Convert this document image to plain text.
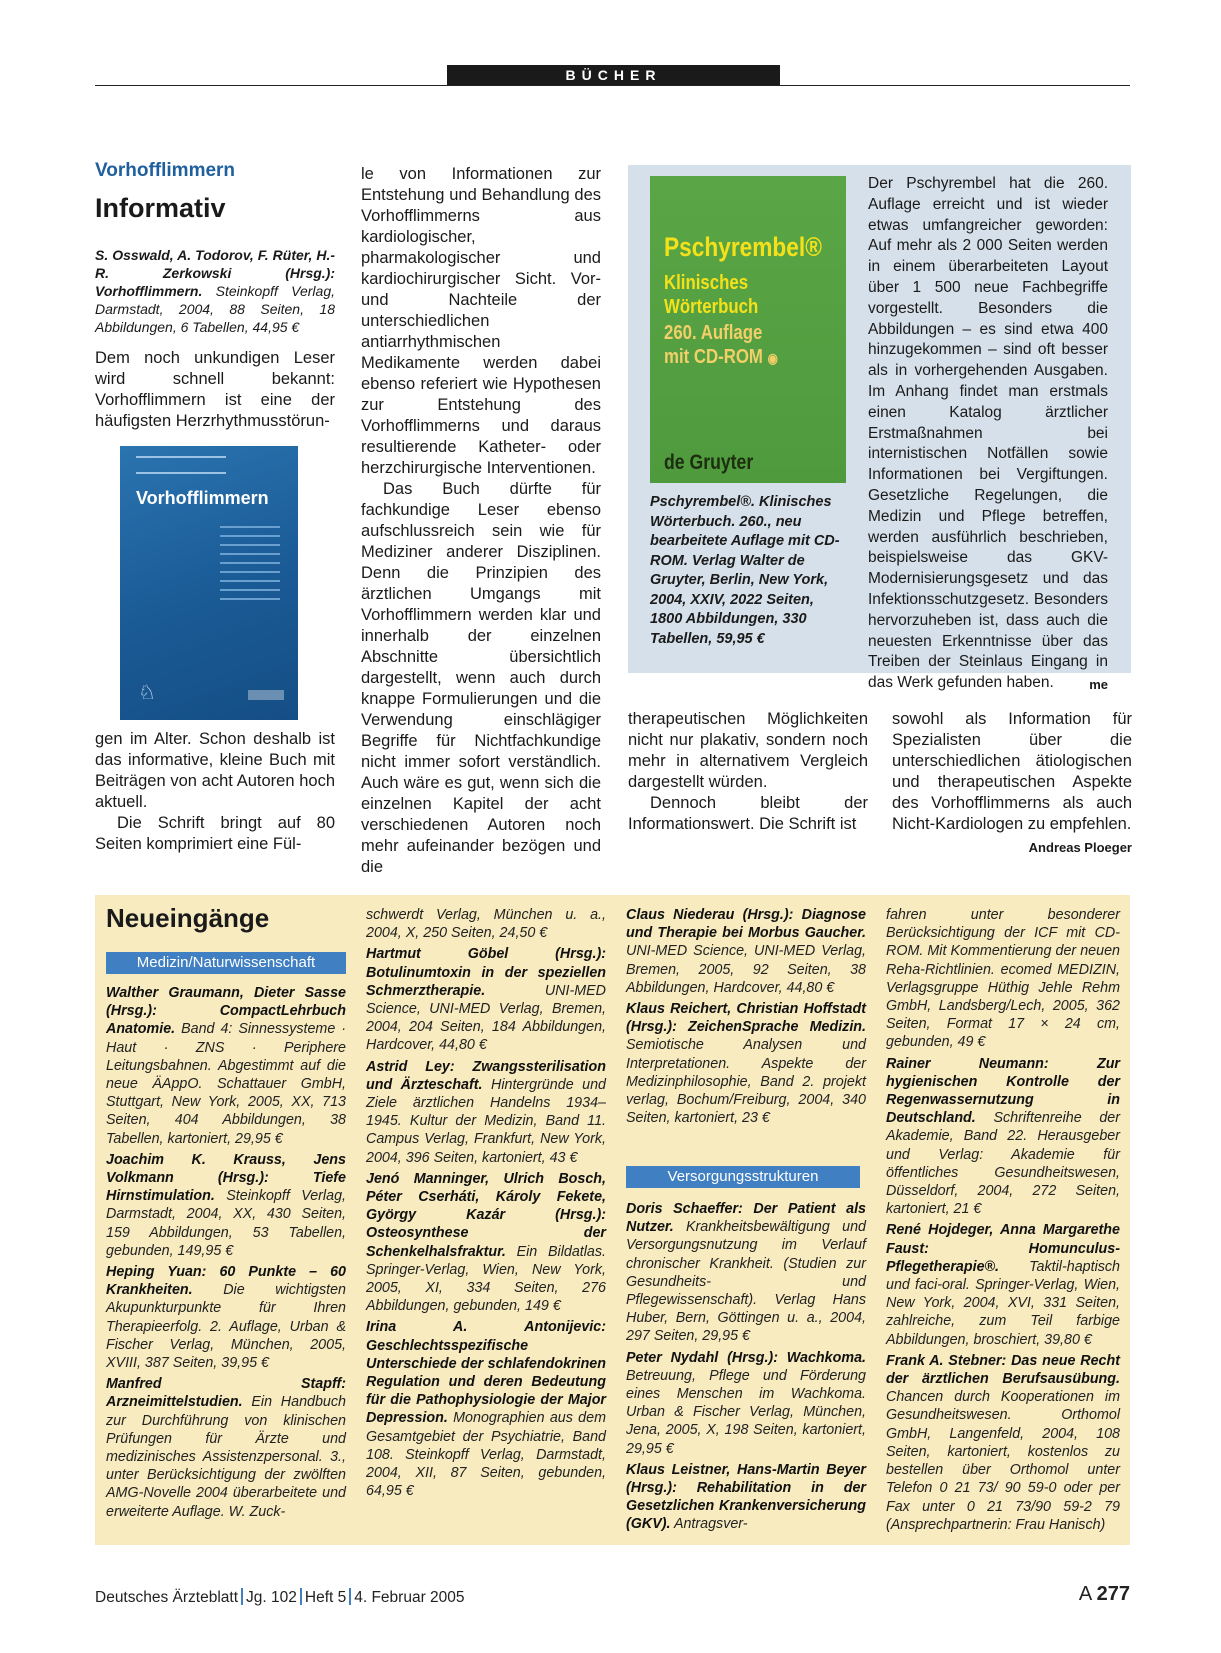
BÜCHER
Vorhofflimmern
Informativ

S. Osswald, A. Todorov, F. Rüter, H.-R. Zerkowski (Hrsg.): Vorhofflimmern. Steinkopff Verlag, Darmstadt, 2004, 88 Seiten, 18 Abbildungen, 6 Tabellen, 44,95 €

Dem noch unkundigen Leser wird schnell bekannt: Vorhofflimmern ist eine der häufigsten Herzrhythmusstörun-

Vorhofflimmern
♘

gen im Alter. Schon deshalb ist das informative, kleine Buch mit Beiträgen von acht Autoren hoch aktuell.

Die Schrift bringt auf 80 Seiten komprimiert eine Fül-

le von Informationen zur Entstehung und Behandlung des Vorhofflimmerns aus kardiologischer, pharmakologischer und kardiochirurgischer Sicht. Vor- und Nachteile der unterschiedlichen antiarrhythmischen Medikamente werden dabei ebenso referiert wie Hypothesen zur Entstehung des Vorhofflimmerns und daraus resultierende Katheter- oder herzchirurgische Interventionen.

Das Buch dürfte für fachkundige Leser ebenso aufschlussreich sein wie für Mediziner anderer Disziplinen. Denn die Prinzipien des ärztlichen Umgangs mit Vorhofflimmern werden klar und innerhalb der einzelnen Abschnitte übersichtlich dargestellt, wenn auch durch knappe Formulierungen und die Verwendung einschlägiger Begriffe für Nichtfachkundige nicht immer sofort verständlich. Auch wäre es gut, wenn sich die einzelnen Kapitel der acht verschiedenen Autoren noch mehr aufeinander bezögen und die

therapeutischen Möglichkeiten nicht nur plakativ, sondern noch mehr in alternativem Vergleich dargestellt würden.

Dennoch bleibt der Informationswert. Die Schrift ist

sowohl als Information für Spezialisten über die unterschiedlichen ätiologischen und therapeutischen Aspekte des Vorhofflimmerns als auch Nicht-Kardiologen zu empfehlen.
Andreas Ploeger

Pschyrembel®
Klinisches
Wörterbuch
260. Auflage
mit CD-ROM ◉
de Gruyter
Pschyrembel®. Klinisches Wörterbuch. 260., neu bearbeitete Auflage mit CD-ROM. Verlag Walter de Gruyter, Berlin, New York, 2004, XXIV, 2022 Seiten, 1800 Abbildungen, 330 Tabellen, 59,95 €
Der Pschyrembel hat die 260. Auflage erreicht und ist wieder etwas umfangreicher geworden: Auf mehr als 2 000 Seiten werden in einem überarbeiteten Layout über 1 500 neue Fachbegriffe vorgestellt. Besonders die Abbildungen – es sind etwa 400 hinzugekommen – sind oft besser als in vorhergehenden Ausgaben. Im Anhang findet man erstmals einen Katalog ärztlicher Erstmaßnahmen bei internistischen Notfällen sowie Informationen bei Vergiftungen. Gesetzliche Regelungen, die Medizin und Pflege betreffen, werden ausführlich beschrieben, beispielsweise das GKV-Modernisierungsgesetz und das Infektionsschutzgesetz. Besonders hervorzuheben ist, dass auch die neuesten Erkenntnisse über das Treiben der Steinlaus Eingang in das Werk gefunden haben.	me
Neueingänge
Medizin/Naturwissenschaft

Walther Graumann, Dieter Sasse (Hrsg.): CompactLehrbuch Anatomie. Band 4: Sinnessysteme · Haut · ZNS · Periphere Leitungsbahnen. Abgestimmt auf die neue ÄAppO. Schattauer GmbH, Stuttgart, New York, 2005, XX, 713 Seiten, 404 Abbildungen, 38 Tabellen, kartoniert, 29,95 €

Joachim K. Krauss, Jens Volkmann (Hrsg.): Tiefe Hirnstimulation. Steinkopff Verlag, Darmstadt, 2004, XX, 430 Seiten, 159 Abbildungen, 53 Tabellen, gebunden, 149,95 €

Heping Yuan: 60 Punkte – 60 Krankheiten. Die wichtigsten Akupunkturpunkte für Ihren Therapieerfolg. 2. Auflage, Urban & Fischer Verlag, München, 2005, XVIII, 387 Seiten, 39,95 €

Manfred Stapff: Arzneimittelstudien. Ein Handbuch zur Durchführung von klinischen Prüfungen für Ärzte und medizinisches Assistenzpersonal. 3., unter Berücksichtigung der zwölften AMG-Novelle 2004 überarbeitete und erweiterte Auflage. W. Zuck-

schwerdt Verlag, München u. a., 2004, X, 250 Seiten, 24,50 €

Hartmut Göbel (Hrsg.): Botulinumtoxin in der speziellen Schmerztherapie.	UNI-MED Science, UNI-MED Verlag, Bremen, 2004, 204 Seiten, 184 Abbildungen, Hardcover, 44,80 €

Astrid Ley: Zwangssterilisation und Ärzteschaft. Hintergründe und Ziele ärztlichen Handelns 1934–1945. Kultur der Medizin, Band 11. Campus Verlag, Frankfurt, New York, 2004, 396 Seiten, kartoniert, 43 €

Jenó Manninger, Ulrich Bosch, Péter Cserháti, Károly Fekete, György Kazár (Hrsg.): Osteosynthese der Schenkelhalsfraktur. Ein Bildatlas. Springer-Verlag, Wien, New York, 2005, XI, 334 Seiten, 276 Abbildungen, gebunden, 149 €

Irina A. Antonijevic: Geschlechtsspezifische Unterschiede der schlafendokrinen Regulation und deren Bedeutung für die Pathophysiologie der Major Depression. Monographien aus dem Gesamtgebiet der Psychiatrie, Band 108. Steinkopff Verlag, Darmstadt, 2004, XII, 87 Seiten, gebunden, 64,95 €

Claus Niederau (Hrsg.): Diagnose und Therapie bei Morbus Gaucher. UNI-MED Science, UNI-MED Verlag, Bremen, 2005, 92 Seiten, 38 Abbildungen, Hardcover, 44,80 €

Klaus Reichert, Christian Hoffstadt (Hrsg.): ZeichenSprache Medizin. Semiotische Analysen und Interpretationen. Aspekte der Medizinphilosophie, Band 2. projekt verlag, Bochum/Freiburg, 2004, 340 Seiten, kartoniert, 23 €

Versorgungsstrukturen

Doris Schaeffer: Der Patient als Nutzer. Krankheitsbewältigung und Versorgungsnutzung im Verlauf chronischer Krankheit. (Studien zur Gesundheits- und Pflegewissenschaft). Verlag Hans Huber, Bern, Göttingen u. a., 2004, 297 Seiten, 29,95 €

Peter Nydahl (Hrsg.): Wachkoma. Betreuung, Pflege und Förderung eines Menschen im Wachkoma. Urban & Fischer Verlag, München, Jena, 2005, X, 198 Seiten, kartoniert, 29,95 €

Klaus Leistner, Hans-Martin Beyer (Hrsg.): Rehabilitation in der Gesetzlichen Krankenversicherung (GKV). Antragsver-

fahren unter besonderer Berücksichtigung der ICF mit CD-ROM. Mit Kommentierung der neuen Reha-Richtlinien. ecomed MEDIZIN, Verlagsgruppe Hüthig Jehle Rehm GmbH, Landsberg/Lech, 2005, 362 Seiten, Format 17 × 24 cm, gebunden, 49 €

Rainer Neumann: Zur hygienischen Kontrolle der Regenwassernutzung in Deutschland. Schriftenreihe der Akademie, Band 22. Herausgeber und Verlag: Akademie für öffentliches Gesundheitswesen, Düsseldorf, 2004, 272 Seiten, kartoniert, 21 €

René Hojdeger, Anna Margarethe Faust: Homunculus-Pflegetherapie®. Taktil-haptisch und faci-oral. Springer-Verlag, Wien, New York, 2004, XVI, 331 Seiten, zahlreiche, zum Teil farbige Abbildungen, broschiert, 39,80 €

Frank A. Stebner: Das neue Recht der ärztlichen Berufsausübung. Chancen durch Kooperationen im Gesundheitswesen. Orthomol GmbH, Langenfeld, 2004, 108 Seiten, kartoniert, kostenlos zu bestellen über Orthomol unter Telefon 0 21 73/ 90 59-0 oder per Fax unter 0 21 73/90 59-2 79 (Ansprechpartnerin: Frau Hanisch)

Deutsches Ärzteblatt Jg. 102 Heft 5 4. Februar 2005	A 277
